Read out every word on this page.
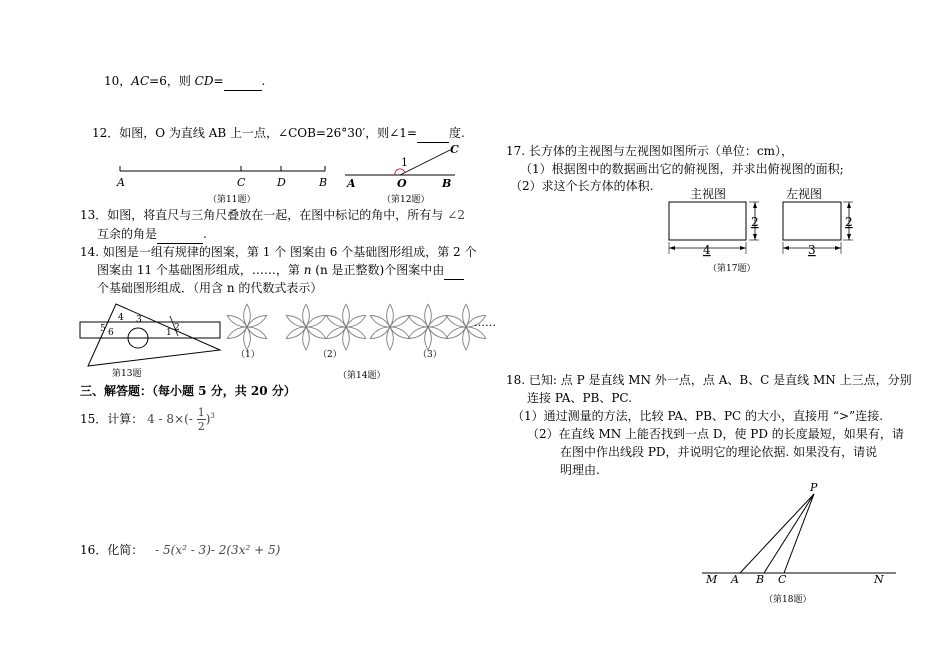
10，AC=6，则 CD=	.
12．如图，O 为直线 AB 上一点，∠COB=26°30′，则∠1=	度.
A	C	D	B
（第11题）
1
C
A	O	B
（第12题）
13．如图，将直尺与三角尺叠放在一起，在图中标记的角中，所有与 ∠2
互余的角是	.
14. 如图是一组有规律的图案，第 1 个 图案由 6 个基础图形组成，第 2 个
图案由 11 个基础图形组成，……，第 n (n 是正整数)个图案中由
个基础图形组成．（用含 n 的代数式表示）
4 3
5 6	1 2
第13题
（1）	（2）	（3）
……
（第14题）
三、解答题：（每小题 5 分，共 20 分）
15．计算： $4 - 8\times(- \frac{1}{2} )^3$
16．化简： - 5(x² - 3)- 2(3x² + 5)
17. 长方体的主视图与左视图如图所示（单位：cm），
（1）根据图中的数据画出它的俯视图，并求出俯视图的面积;
（2）求这个长方体的体积.
主视图	左视图
4
2
3
2
（第17题）
18. 已知: 点 P 是直线 MN 外一点，点 A、B、C 是直线 MN 上三点，分别
连接 PA、PB、PC.
（1）通过测量的方法，比较 PA、PB、PC 的大小，直接用 “>”连接.
（2）在直线 MN 上能否找到一点 D，使 PD 的长度最短，如果有，请
在图中作出线段 PD，并说明它的理论依据. 如果没有，请说
明理由.
P
M A B C	N
（第18题）
